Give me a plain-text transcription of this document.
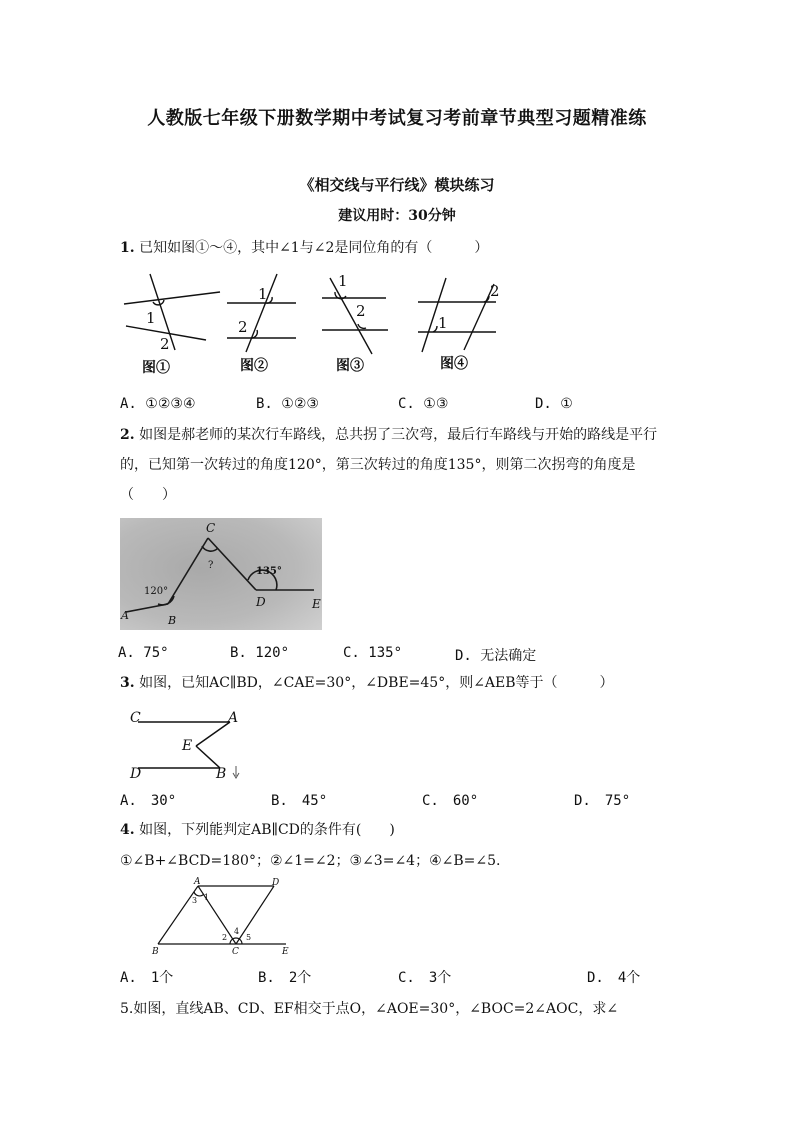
人教版七年级下册数学期中考试复习考前章节典型习题精准练
《相交线与平行线》模块练习
建议用时：30分钟
1. 已知如图①～④，其中∠1与∠2是同位角的有（　　　）
1
2
1
2
1
2
2
1
图①	图②	图③	图④
A. ①②③④	B. ①②③	C. ①③	D. ①
2. 如图是郝老师的某次行车路线，总共拐了三次弯，最后行车路线与开始的路线是平行的，已知第一次转过的角度120°，第三次转过的角度135°，则第二次拐弯的角度是（　　）
A	B
C
D	E
120°
?
135°
A. 75°	B. 120°	C. 135°	D. 无法确定
3. 如图，已知AC∥BD，∠CAE=30°，∠DBE=45°，则∠AEB等于（　　　）
C	A
E
D	B
A.　30°	B.　45°	C.　60°	D.　75°
4. 如图，下列能判定AB∥CD的条件有(　　)
①∠B+∠BCD=180°；②∠1=∠2；③∠3=∠4；④∠B=∠5.
A	D
B	C	E
1
2
3
4
5
A.　1个	B.　2个	C.　3个	D.　4个
5.如图，直线AB、CD、EF相交于点O，∠AOE=30°，∠BOC=2∠AOC，求∠
